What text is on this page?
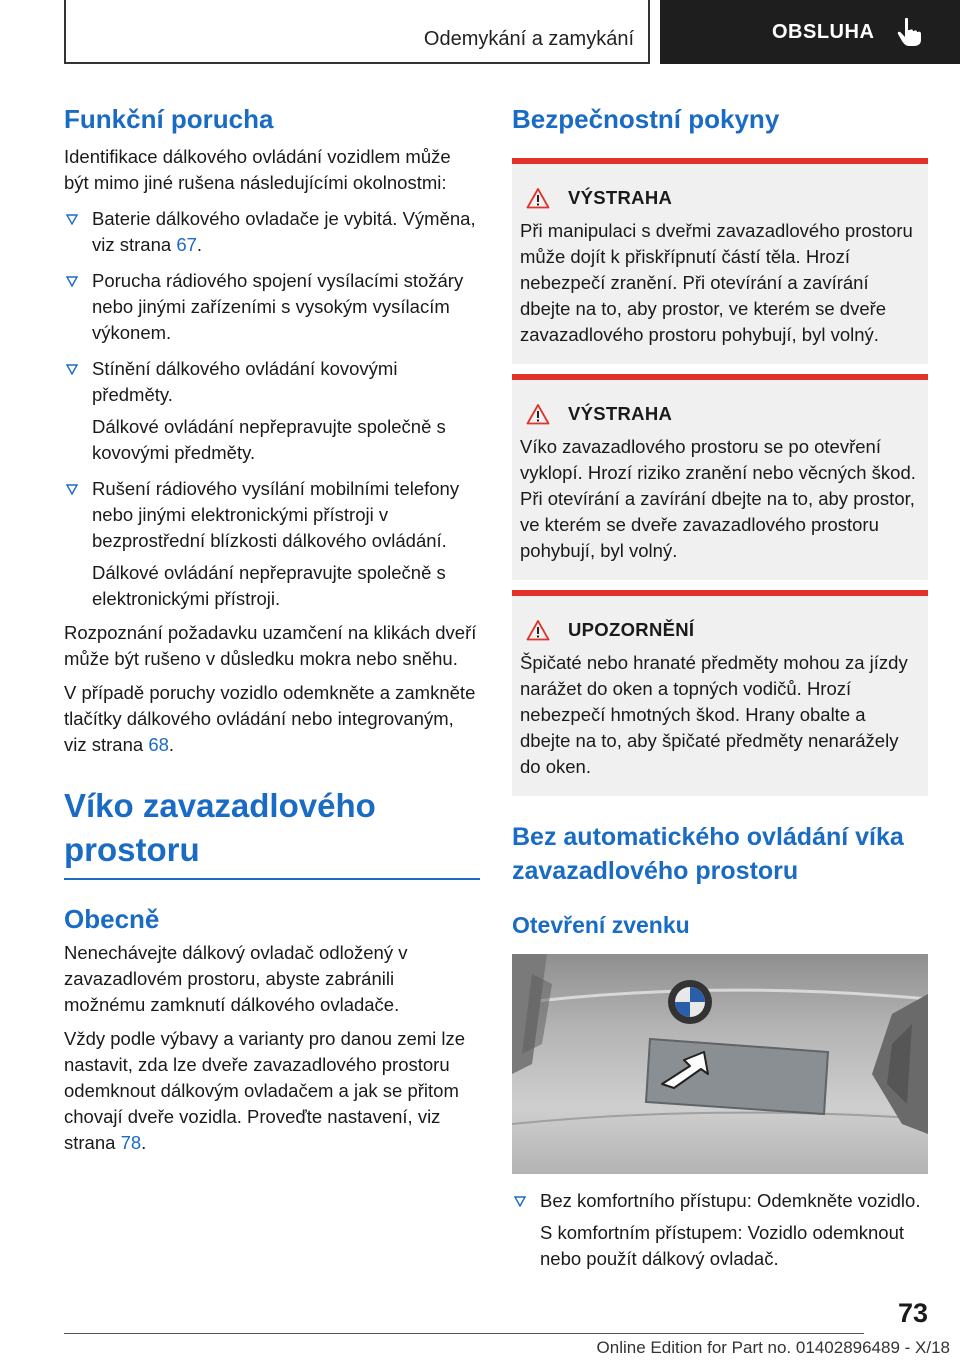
Odemykání a zamykání	OBSLUHA
Funkční porucha
Identifikace dálkového ovládání vozidlem může být mimo jiné rušena následujícími okolnostmi:
Baterie dálkového ovladače je vybitá. Výměna, viz strana 67.
Porucha rádiového spojení vysílacími stožáry nebo jinými zařízeními s vysokým vysílacím výkonem.
Stínění dálkového ovládání kovovými předměty.
Dálkové ovládání nepřepravujte společně s kovovými předměty.
Rušení rádiového vysílání mobilními telefony nebo jinými elektronickými přístroji v bezprostřední blízkosti dálkového ovládání.
Dálkové ovládání nepřepravujte společně s elektronickými přístroji.
Rozpoznání požadavku uzamčení na klikách dveří může být rušeno v důsledku mokra nebo sněhu.
V případě poruchy vozidlo odemkněte a zamkněte tlačítky dálkového ovládání nebo integrovaným, viz strana 68.
Víko zavazadlového prostoru
Obecně
Nenechávejte dálkový ovladač odložený v zavazadlovém prostoru, abyste zabránili možnému zamknutí dálkového ovladače.
Vždy podle výbavy a varianty pro danou zemi lze nastavit, zda lze dveře zavazadlového prostoru odemknout dálkovým ovladačem a jak se přitom chovají dveře vozidla. Proveďte nastavení, viz strana 78.
Bezpečnostní pokyny
VÝSTRAHA
Při manipulaci s dveřmi zavazadlového prostoru může dojít k přiskřípnutí částí těla. Hrozí nebezpečí zranění. Při otevírání a zavírání dbejte na to, aby prostor, ve kterém se dveře zavazadlového prostoru pohybují, byl volný.
VÝSTRAHA
Víko zavazadlového prostoru se po otevření vyklopí. Hrozí riziko zranění nebo věcných škod. Při otevírání a zavírání dbejte na to, aby prostor, ve kterém se dveře zavazadlového prostoru pohybují, byl volný.
UPOZORNĚNÍ
Špičaté nebo hranaté předměty mohou za jízdy narážet do oken a topných vodičů. Hrozí nebezpečí hmotných škod. Hrany obalte a dbejte na to, aby špičaté předměty nenarážely do oken.
Bez automatického ovládání víka zavazadlového prostoru
Otevření zvenku
Bez komfortního přístupu: Odemkněte vozidlo.
S komfortním přístupem: Vozidlo odemknout nebo použít dálkový ovladač.
73
Online Edition for Part no. 01402896489 - X/18
